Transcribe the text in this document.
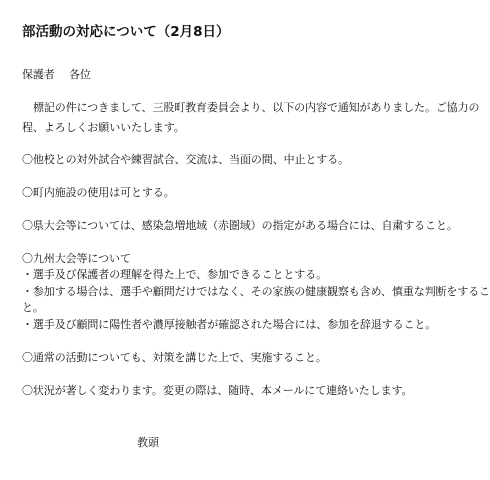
部活動の対応について（2月8日）
保護者　 各位
標記の件につきまして、三股町教育委員会より、以下の内容で通知がありました。ご協力の
程、よろしくお願いいたします。
〇他校との対外試合や練習試合、交流は、当面の間、中止とする。
〇町内施設の使用は可とする。
〇県大会等については、感染急増地域（赤圏域）の指定がある場合には、自粛すること。
〇九州大会等について
・選手及び保護者の理解を得た上で、参加できることとする。
・参加する場合は、選手や顧問だけではなく、その家族の健康観察も含め、慎重な判断をするこ
と。
・選手及び顧問に陽性者や濃厚接触者が確認された場合には、参加を辞退すること。
〇通常の活動についても、対策を講じた上で、実施すること。
〇状況が著しく変わります。変更の際は、随時、本メールにて連絡いたします。
教頭
